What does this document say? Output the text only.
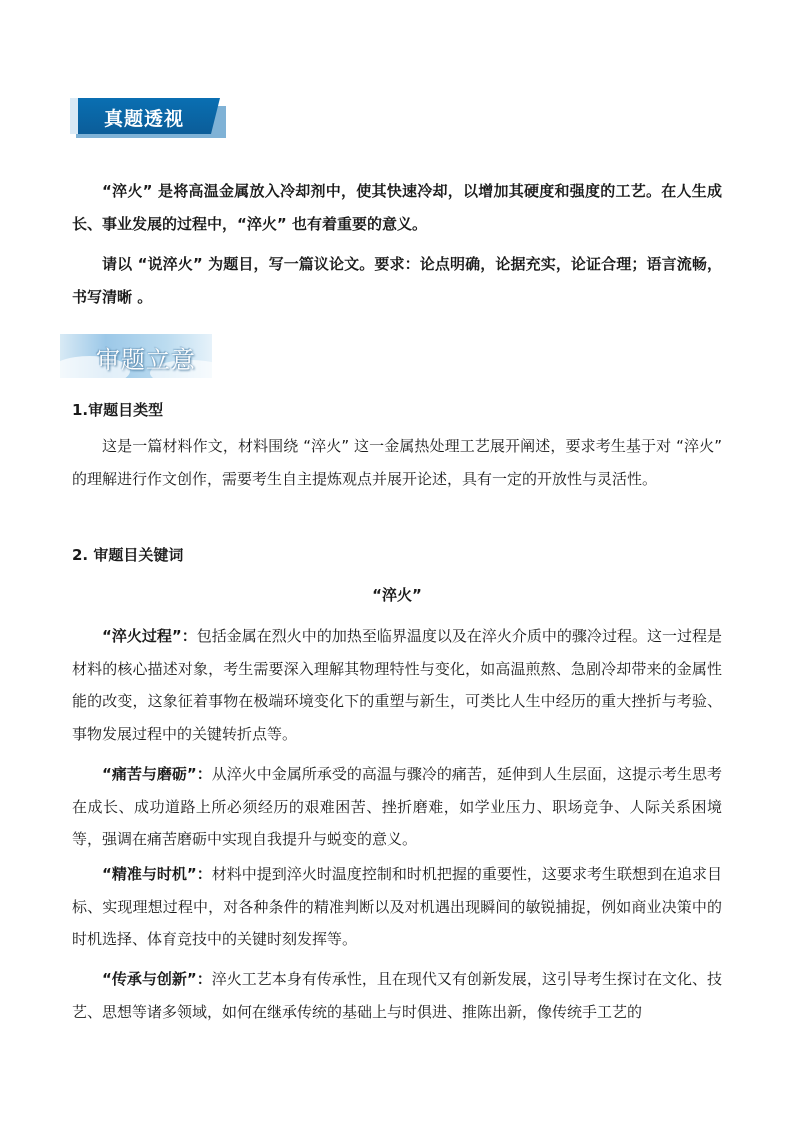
真题透视
“淬火” 是将高温金属放入冷却剂中，使其快速冷却，以增加其硬度和强度的工艺。在人生成长、事业发展的过程中，“淬火” 也有着重要的意义。
请以 “说淬火” 为题目，写一篇议论文。要求：论点明确，论据充实，论证合理；语言流畅，书写清晰 。
审题立意
1.审题目类型
这是一篇材料作文，材料围绕 “淬火” 这一金属热处理工艺展开阐述，要求考生基于对 “淬火” 的理解进行作文创作，需要考生自主提炼观点并展开论述，具有一定的开放性与灵活性。
2. 审题目关键词
“淬火”
“淬火过程”：包括金属在烈火中的加热至临界温度以及在淬火介质中的骤冷过程。这一过程是材料的核心描述对象，考生需要深入理解其物理特性与变化，如高温煎熬、急剧冷却带来的金属性能的改变，这象征着事物在极端环境变化下的重塑与新生，可类比人生中经历的重大挫折与考验、事物发展过程中的关键转折点等。
“痛苦与磨砺”：从淬火中金属所承受的高温与骤冷的痛苦，延伸到人生层面，这提示考生思考在成长、成功道路上所必须经历的艰难困苦、挫折磨难，如学业压力、职场竞争、人际关系困境等，强调在痛苦磨砺中实现自我提升与蜕变的意义。
“精准与时机”：材料中提到淬火时温度控制和时机把握的重要性，这要求考生联想到在追求目标、实现理想过程中，对各种条件的精准判断以及对机遇出现瞬间的敏锐捕捉，例如商业决策中的时机选择、体育竞技中的关键时刻发挥等。
“传承与创新”：淬火工艺本身有传承性，且在现代又有创新发展，这引导考生探讨在文化、技艺、思想等诸多领域，如何在继承传统的基础上与时俱进、推陈出新，像传统手工艺的
